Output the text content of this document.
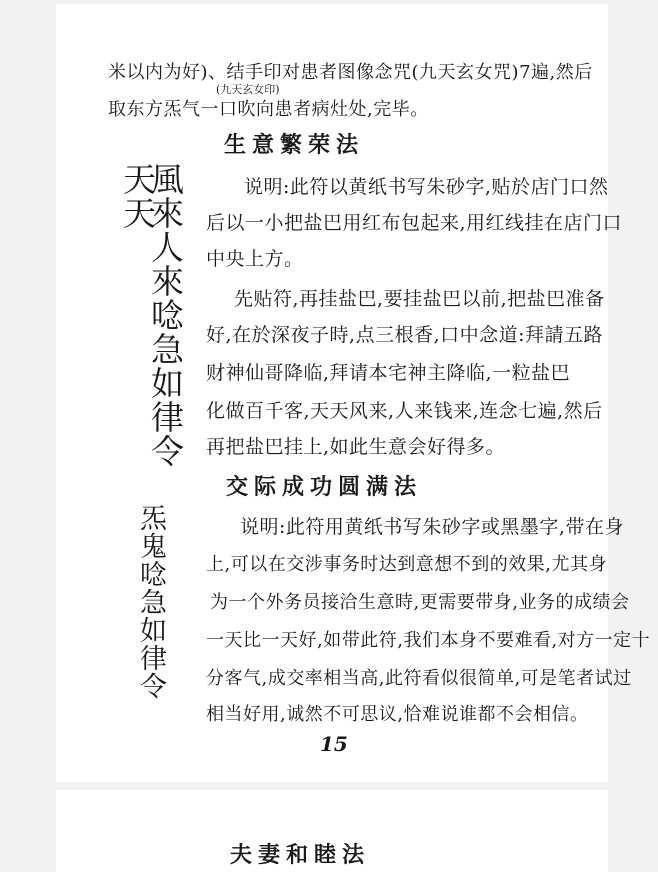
米以内为好)、结手印对患者图像念咒(九天玄女咒)7遍,然后
(九天玄女印)
取东方炁气一口吹向患者病灶处,完毕。
生意繁荣法
天天
風來人來唸急如律令	说明:此符以黄纸书写朱砂字,贴於店门口然
后以一小把盐巴用红布包起来,用红线挂在店门口
中央上方。
先贴符,再挂盐巴,要挂盐巴以前,把盐巴准备
好,在於深夜子時,点三根香,口中念道:拜請五路
财神仙哥降临,拜请本宅神主降临,一粒盐巴
化做百千客,天天风来,人来钱来,连念七遍,然后
再把盐巴挂上,如此生意会好得多。
交际成功圆满法
炁鬼唸急如律令	说明:此符用黄纸书写朱砂字或黑墨字,带在身
上,可以在交涉事务时达到意想不到的效果,尤其身
为一个外务员接洽生意時,更需要带身,业务的成绩会
一天比一天好,如带此符,我们本身不要难看,对方一定十
分客气,成交率相当高,此符看似很简单,可是笔者试过
相当好用,诚然不可思议,恰难说谁都不会相信。
15
夫妻和睦法
